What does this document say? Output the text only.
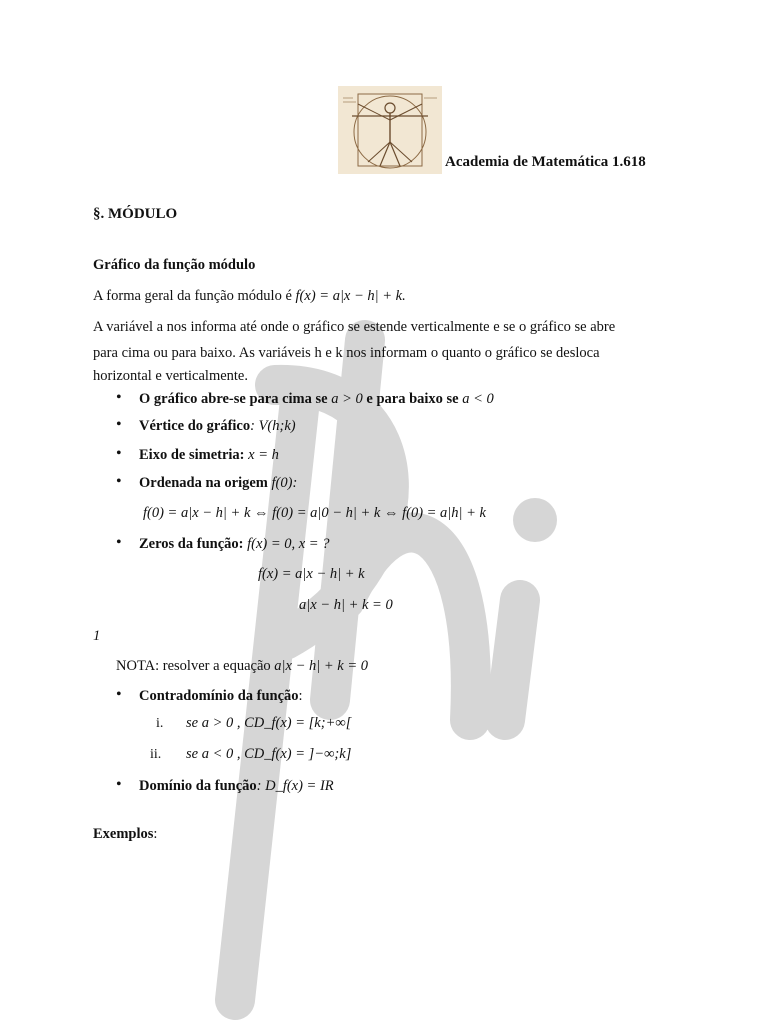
Academia de Matemática 1.618
§. MÓDULO
Gráfico da função módulo
A forma geral da função módulo é f(x) = a|x − h| + k.
A variável a nos informa até onde o gráfico se estende verticalmente e se o gráfico se abre
para cima ou para baixo. As variáveis h e k nos informam o quanto o gráfico se desloca
horizontal e verticalmente.
• O gráfico abre-se para cima se a > 0 e para baixo se a < 0
• Vértice do gráfico: V(h;k)
• Eixo de simetria: x = h
• Ordenada na origem f(0):
f(0) = a|x − h| + k ⇔ f(0) = a|0 − h| + k ⇔ f(0) = a|h| + k
• Zeros da função: f(x) = 0, x = ?
f(x) = a|x − h| + k
a|x − h| + k = 0
1
NOTA: resolver a equação a|x − h| + k = 0
• Contradomínio da função:
i. se a > 0 , CD_f(x) = [k;+∞[
ii. se a < 0 , CD_f(x) = ]−∞;k]
• Domínio da função: D_f(x) = IR
Exemplos:
